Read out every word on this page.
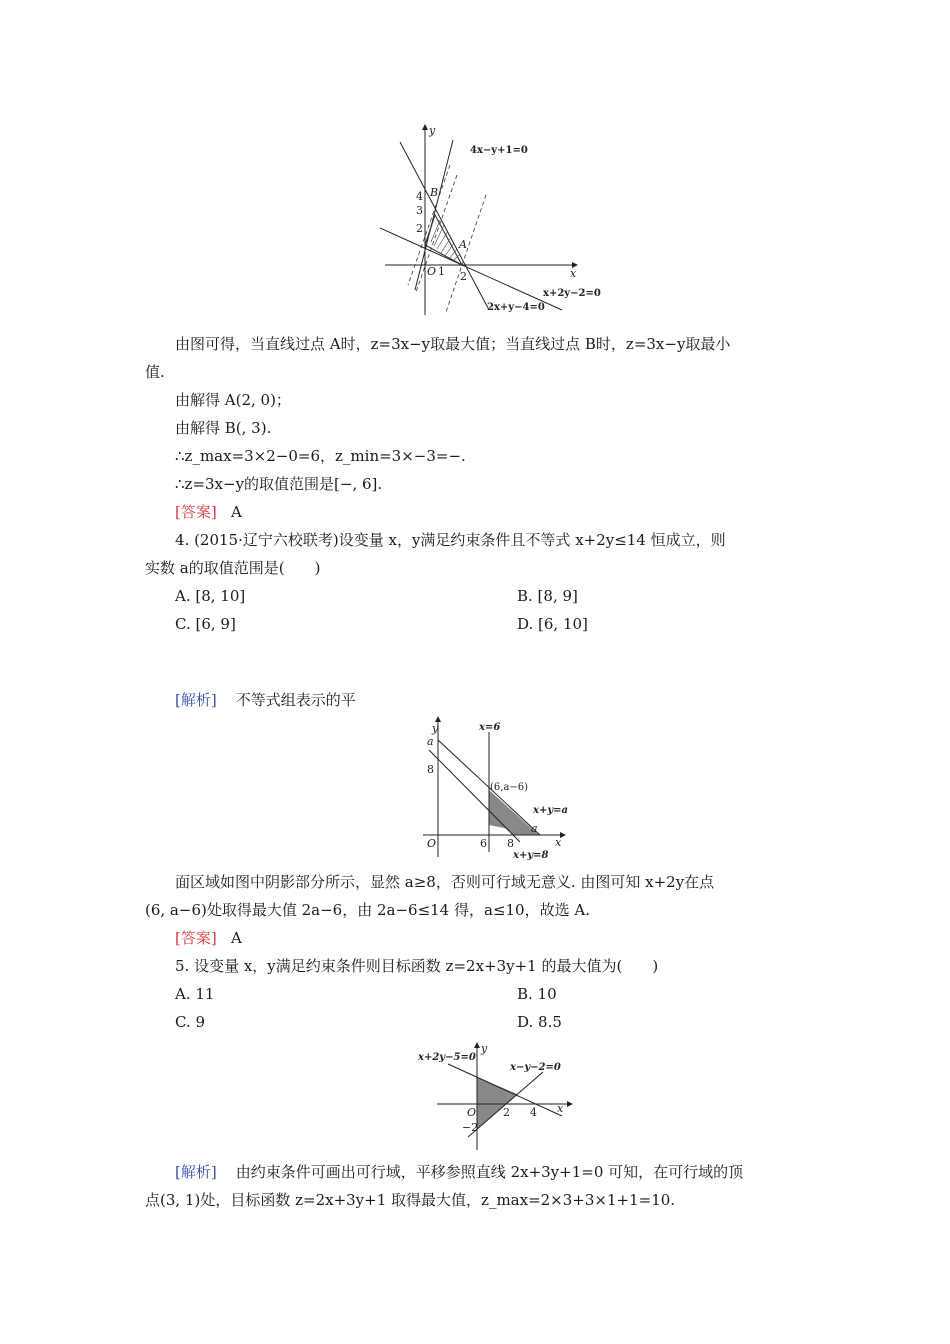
y
x
O 1 2
2
3
4 B
A
4x−y+1=0
x+2y−2=0
2x+y−4=0
由图可得，当直线过点 A时，z=3x−y取最大值；当直线过点 B时，z=3x−y取最小
值.
由解得 A(2, 0)；
由解得 B(, 3).
∴z_max=3×2−0=6，z_min=3×−3=−.
∴z=3x−y的取值范围是[−, 6].
[答案] A
4. (2015·辽宁六校联考)设变量 x，y满足约束条件且不等式 x+2y≤14 恒成立，则
实数 a的取值范围是(　　)
A. [8, 10]	B. [8, 9]
C. [6, 9]	D. [6, 10]
[解析] 不等式组表示的平
y
x
O
a
a
x=6
(6,a−6)
x+y=a
x+y=8
8
6 8
面区域如图中阴影部分所示，显然 a≥8，否则可行域无意义. 由图可知 x+2y在点
(6, a−6)处取得最大值 2a−6，由 2a−6≤14 得，a≤10，故选 A.
[答案] A
5. 设变量 x，y满足约束条件则目标函数 z=2x+3y+1 的最大值为(　　)
A. 11	B. 10
C. 9	D. 8.5
y
x
O 2 4
−2
x+2y−5=0
x−y−2=0
[解析] 由约束条件可画出可行域，平移参照直线 2x+3y+1=0 可知，在可行域的顶
点(3, 1)处，目标函数 z=2x+3y+1 取得最大值，z_max=2×3+3×1+1=10.
